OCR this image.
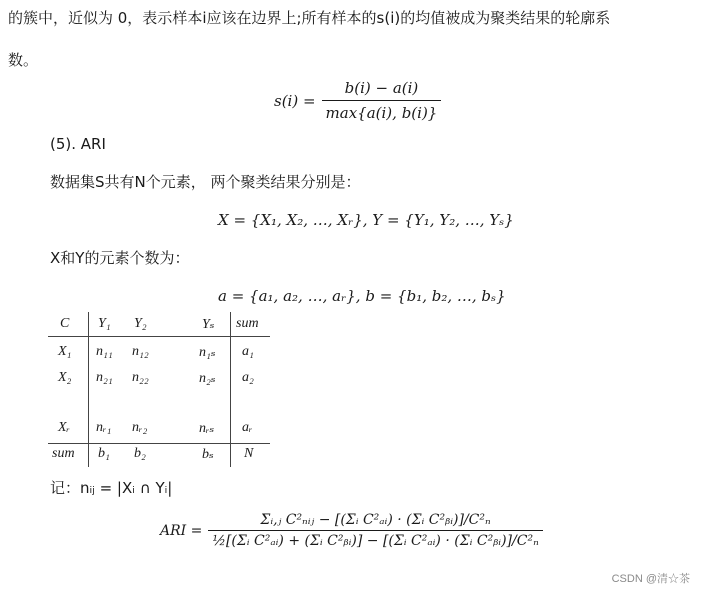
的簇中，近似为 0，表示样本i应该在边界上;所有样本的s(i)的均值被成为聚类结果的轮廓系
数。
$s(i) = \frac{b(i) - a(i)}{\max\{a(i), b(i)\}}$
(5). ARI
数据集S共有N个元素， 两个聚类结果分别是：
X = {X₁, X₂, …, Xᵣ}, Y = {Y₁, Y₂, …, Yₛ}
X和Y的元素个数为：
a = {a₁, a₂, …, aᵣ}, b = {b₁, b₂, …, bₛ}
C Y₁ Y₂	Yₛ sum
X₁ n₁₁ n₁₂	n₁ₛ a₁
X₂ n₂₁ n₂₂	n₂ₛ a₂
Xᵣ nᵣ₁ nᵣ₂	nᵣₛ aᵣ
sum b₁ b₂	bₛ N
记：nᵢⱼ = |Xᵢ ∩ Yᵢ|
ARI = $\frac{\text{Σᵢ,ⱼ C²ₙᵢⱼ − [(Σᵢ C²ₐᵢ) · (Σᵢ C²ᵦᵢ)]/C²ₙ}}{\text{½[(Σᵢ C²ₐᵢ) + (Σᵢ C²ᵦᵢ)] − [(Σᵢ C²ₐᵢ) · (Σᵢ C²ᵦᵢ)]/C²ₙ}}$
CSDN @清☆茶
